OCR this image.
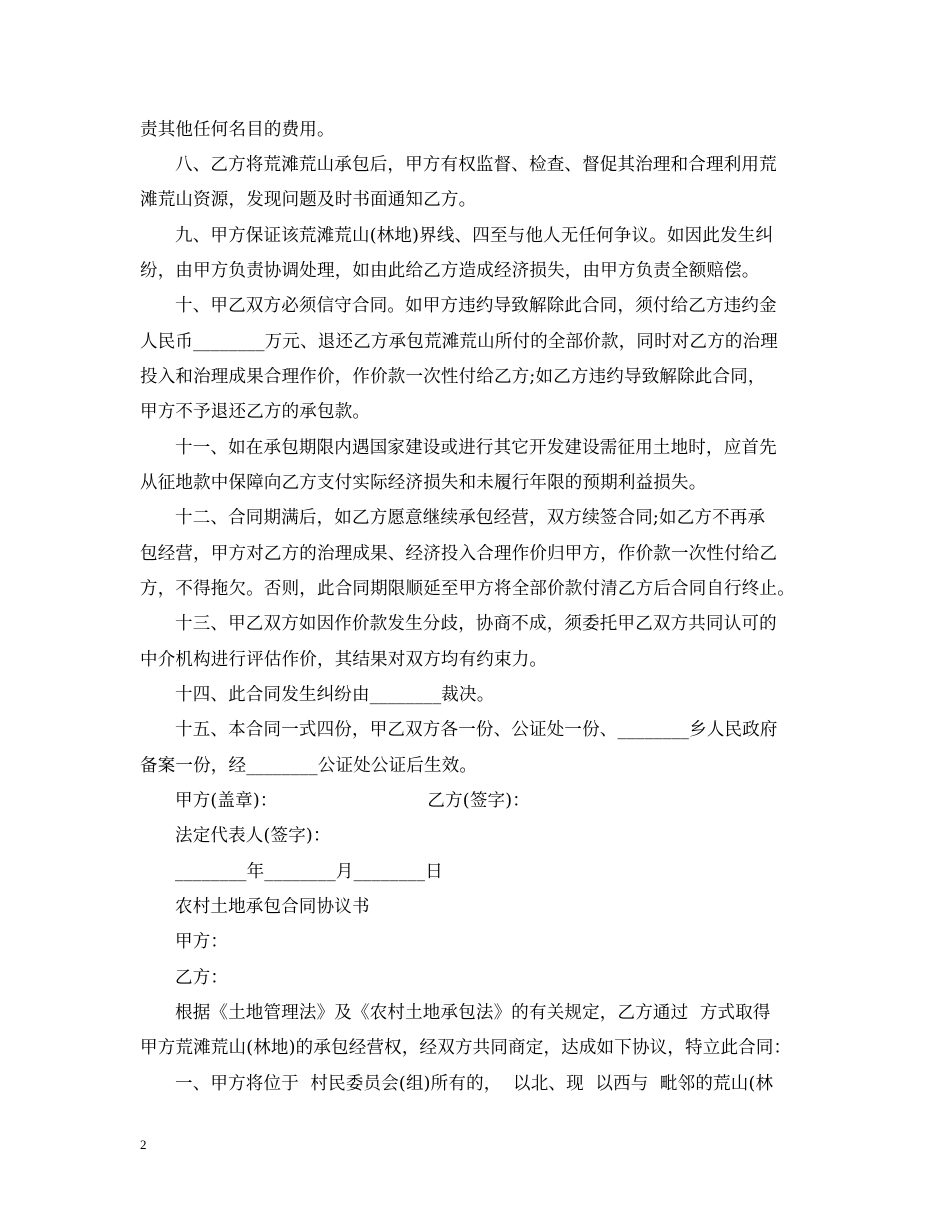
责其他任何名目的费用。
八、乙方将荒滩荒山承包后，甲方有权监督、检查、督促其治理和合理利用荒
滩荒山资源，发现问题及时书面通知乙方。
九、甲方保证该荒滩荒山(林地)界线、四至与他人无任何争议。如因此发生纠
纷，由甲方负责协调处理，如由此给乙方造成经济损失，由甲方负责全额赔偿。
十、甲乙双方必须信守合同。如甲方违约导致解除此合同，须付给乙方违约金
人民币________万元、退还乙方承包荒滩荒山所付的全部价款，同时对乙方的治理
投入和治理成果合理作价，作价款一次性付给乙方;如乙方违约导致解除此合同，
甲方不予退还乙方的承包款。
十一、如在承包期限内遇国家建设或进行其它开发建设需征用土地时，应首先
从征地款中保障向乙方支付实际经济损失和未履行年限的预期利益损失。
十二、合同期满后，如乙方愿意继续承包经营，双方续签合同;如乙方不再承
包经营，甲方对乙方的治理成果、经济投入合理作价归甲方，作价款一次性付给乙
方，不得拖欠。否则，此合同期限顺延至甲方将全部价款付清乙方后合同自行终止。
十三、甲乙双方如因作价款发生分歧，协商不成，须委托甲乙双方共同认可的
中介机构进行评估作价，其结果对双方均有约束力。
十四、此合同发生纠纷由________裁决。
十五、本合同一式四份，甲乙双方各一份、公证处一份、________乡人民政府
备案一份，经________公证处公证后生效。
甲方(盖章)：                          乙方(签字)：
法定代表人(签字)：
________年________月________日
农村土地承包合同协议书
甲方：
乙方：
根据《土地管理法》及《农村土地承包法》的有关规定，乙方通过  方式取得
甲方荒滩荒山(林地)的承包经营权，经双方共同商定，达成如下协议，特立此合同：
一、甲方将位于  村民委员会(组)所有的，  以北、现  以西与  毗邻的荒山(林
2
